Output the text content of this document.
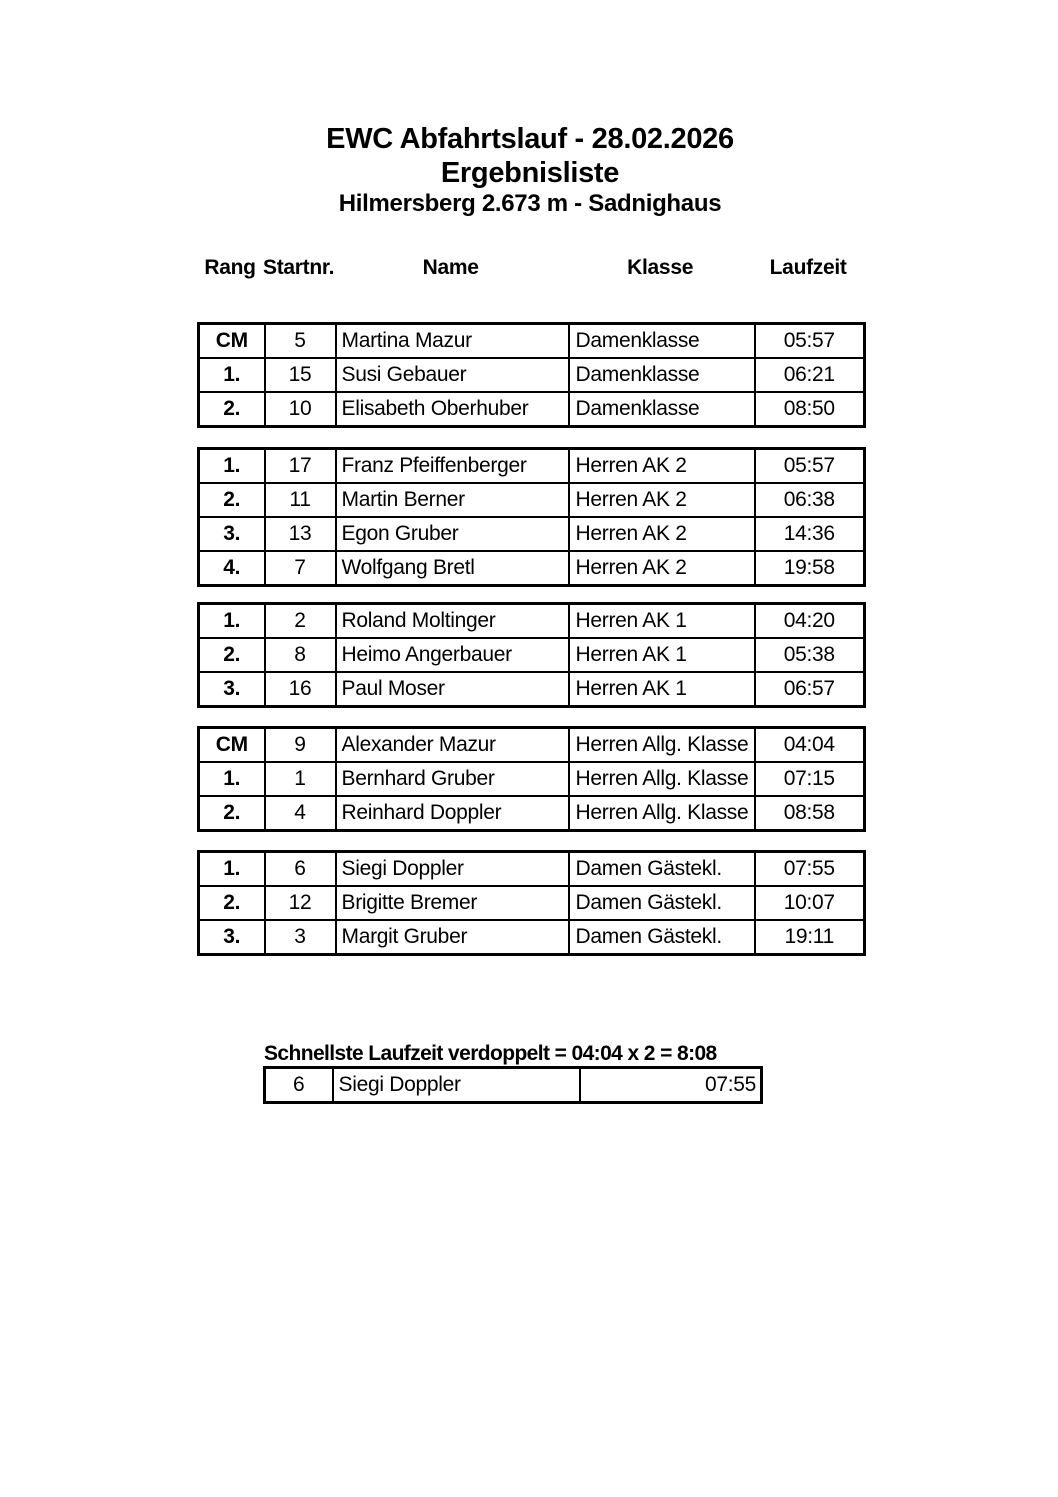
EWC Abfahrtslauf - 28.02.2026
Ergebnisliste
Hilmersberg 2.673 m - Sadnighaus
Rang	Startnr.	Name	Klasse	Laufzeit
CM	5	Martina Mazur	Damenklasse	05:57
1.	15	Susi Gebauer	Damenklasse	06:21
2.	10	Elisabeth Oberhuber	Damenklasse	08:50
1.	17	Franz Pfeiffenberger	Herren AK 2	05:57
2.	11	Martin Berner	Herren AK 2	06:38
3.	13	Egon Gruber	Herren AK 2	14:36
4.	7	Wolfgang Bretl	Herren AK 2	19:58
1.	2	Roland Moltinger	Herren AK 1	04:20
2.	8	Heimo Angerbauer	Herren AK 1	05:38
3.	16	Paul Moser	Herren AK 1	06:57
CM	9	Alexander Mazur	Herren Allg. Klasse	04:04
1.	1	Bernhard Gruber	Herren Allg. Klasse	07:15
2.	4	Reinhard Doppler	Herren Allg. Klasse	08:58
1.	6	Siegi Doppler	Damen Gästekl.	07:55
2.	12	Brigitte Bremer	Damen Gästekl.	10:07
3.	3	Margit Gruber	Damen Gästekl.	19:11
Schnellste Laufzeit verdoppelt = 04:04 x 2 = 8:08
6	Siegi Doppler	07:55
